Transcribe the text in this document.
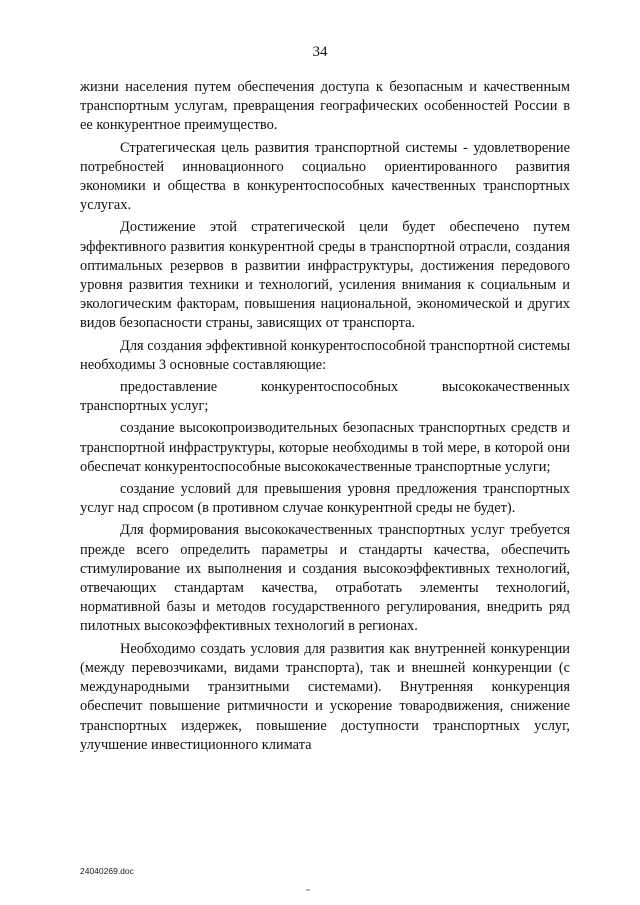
34

жизни населения путем обеспечения доступа к безопасным и качественным транспортным услугам, превращения географических особенностей России в ее конкурентное преимущество.

Стратегическая цель развития транспортной системы - удовлетворение потребностей инновационного социально ориентированного развития экономики и общества в конкурентоспособных качественных транспортных услугах.

Достижение этой стратегической цели будет обеспечено путем эффективного развития конкурентной среды в транспортной отрасли, создания оптимальных резервов в развитии инфраструктуры, достижения передового уровня развития техники и технологий, усиления внимания к социальным и экологическим факторам, повышения национальной, экономической и других видов безопасности страны, зависящих от транспорта.

Для создания эффективной конкурентоспособной транспортной системы необходимы 3 основные составляющие:

предоставление конкурентоспособных высококачественных транспортных услуг;

создание высокопроизводительных безопасных транспортных средств и транспортной инфраструктуры, которые необходимы в той мере, в которой они обеспечат конкурентоспособные высококачественные транспортные услуги;

создание условий для превышения уровня предложения транспортных услуг над спросом (в противном случае конкурентной среды не будет).

Для формирования высококачественных транспортных услуг требуется прежде всего определить параметры и стандарты качества, обеспечить стимулирование их выполнения и создания высокоэффективных технологий, отвечающих стандартам качества, отработать элементы технологий, нормативной базы и методов государственного регулирования, внедрить ряд пилотных высокоэффективных технологий в регионах.

Необходимо создать условия для развития как внутренней конкуренции (между перевозчиками, видами транспорта), так и внешней конкуренции (с международными транзитными системами). Внутренняя конкуренция обеспечит повышение ритмичности и ускорение товародвижения, снижение транспортных издержек, повышение доступности транспортных услуг, улучшение инвестиционного климата

24040269.doc
